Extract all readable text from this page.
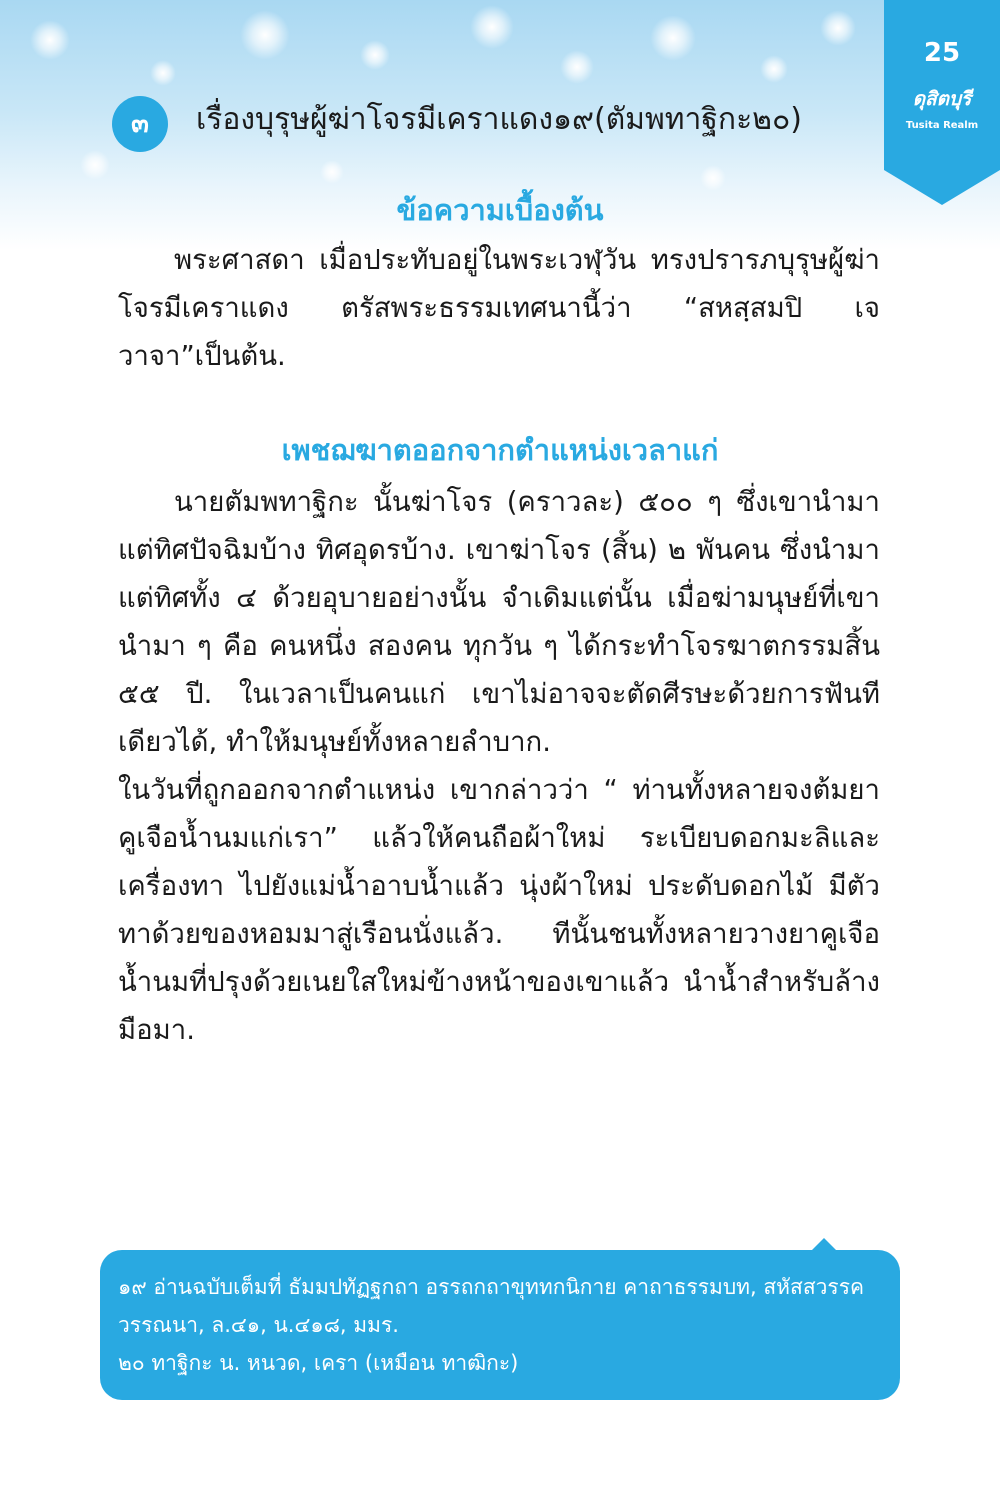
25
ดุสิตบุรี
Tusita Realm
๓	เรื่องบุรุษผู้ฆ่าโจรมีเคราแดง๑๙(ตัมพทาฐิกะ๒๐)
ข้อความเบื้องต้น

พระศาสดา เมื่อประทับอยู่ในพระเวฬุวัน ทรงปรารภบุรุษผู้ฆ่าโจรมีเคราแดง ตรัสพระธรรมเทศนานี้ว่า “สหสฺสมปิ เจ วาจา”เป็นต้น.

เพชฌฆาตออกจากตำแหน่งเวลาแก่

นายตัมพทาฐิกะ นั้นฆ่าโจร (คราวละ) ๕๐๐ ๆ ซึ่งเขานำมาแต่ทิศปัจฉิมบ้าง ทิศอุดรบ้าง. เขาฆ่าโจร (สิ้น) ๒ พันคน ซึ่งนำมาแต่ทิศทั้ง ๔ ด้วยอุบายอย่างนั้น จำเดิมแต่นั้น เมื่อฆ่ามนุษย์ที่เขานำมา ๆ คือ คนหนึ่ง สองคน ทุกวัน ๆ ได้กระทำโจรฆาตกรรมสิ้น ๕๕ ปี. ในเวลาเป็นคนแก่ เขาไม่อาจจะตัดศีรษะด้วยการฟันทีเดียวได้, ทำให้มนุษย์ทั้งหลายลำบาก.

ในวันที่ถูกออกจากตำแหน่ง เขากล่าวว่า “ ท่านทั้งหลายจงต้มยาคูเจือน้ำนมแก่เรา” แล้วให้คนถือผ้าใหม่ ระเบียบดอกมะลิและเครื่องทา ไปยังแม่น้ำอาบน้ำแล้ว นุ่งผ้าใหม่ ประดับดอกไม้ มีตัวทาด้วยของหอมมาสู่เรือนนั่งแล้ว. ทีนั้นชนทั้งหลายวางยาคูเจือน้ำนมที่ปรุงด้วยเนยใสใหม่ข้างหน้าของเขาแล้ว นำน้ำสำหรับล้างมือมา.

๑๙ อ่านฉบับเต็มที่ ธัมมปทัฏฐกถา อรรถกถาขุททกนิกาย คาถาธรรมบท, สหัสสวรรควรรณนา, ล.๔๑, น.๔๑๘, มมร.

๒๐ ทาฐิกะ น. หนวด, เครา (เหมือน ทาฒิกะ)
